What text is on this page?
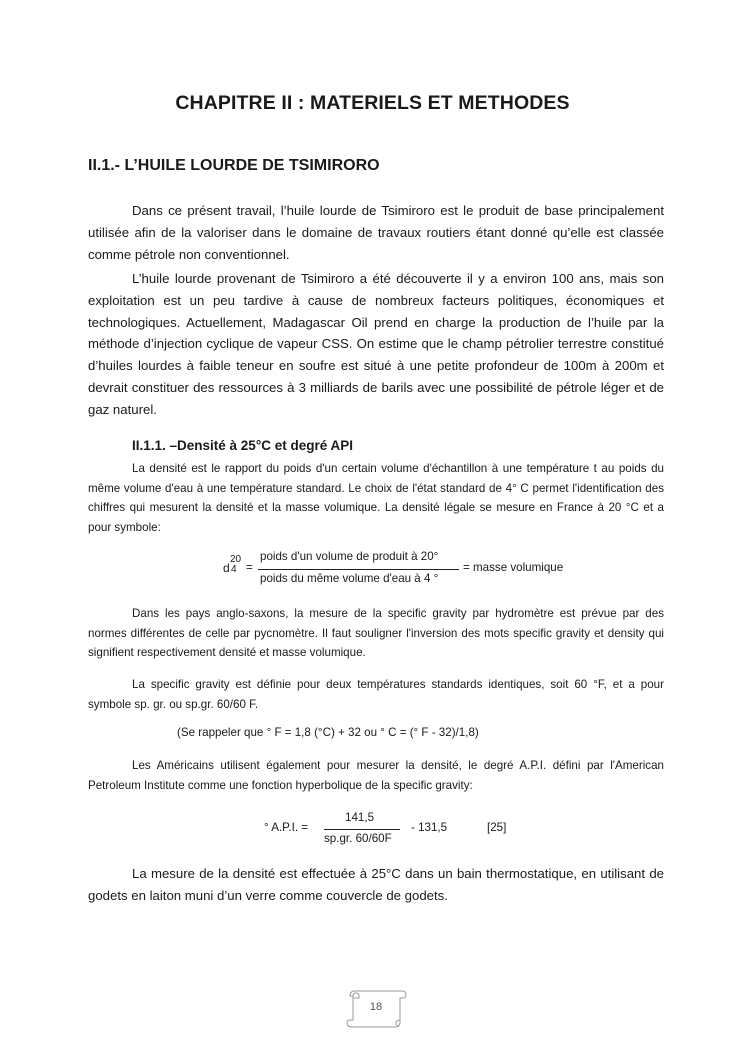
CHAPITRE II : MATERIELS ET METHODES
II.1.- L’HUILE LOURDE DE TSIMIRORO

Dans ce présent travail, l’huile lourde de Tsimiroro est le produit de base principalement utilisée afin de la valoriser dans le domaine de travaux routiers étant donné qu’elle est classée comme pétrole non conventionnel.

L’huile lourde provenant de Tsimiroro a été découverte il y a environ 100 ans, mais son exploitation est un peu tardive à cause de nombreux facteurs politiques, économiques et technologiques. Actuellement, Madagascar Oil prend en charge la production de l’huile par la méthode d’injection cyclique de vapeur CSS. On estime que le champ pétrolier terrestre constitué d’huiles lourdes à faible teneur en soufre est situé à une petite profondeur de 100m à 200m et devrait constituer des ressources à 3 milliards de barils avec une possibilité de pétrole léger et de gaz naturel.

II.1.1. –Densité à 25°C et degré API

La densité est le rapport du poids d'un certain volume d'échantillon à une température t au poids du même volume d'eau à une température standard. Le choix de l'état standard de 4° C permet l'identification des chiffres qui mesurent la densité et la masse volumique. La densité légale se mesure en France à 20 °C et a pour symbole:

d
20
4 =
poids d'un volume de produit à 20°
poids du même volume d'eau à 4 °
= masse volumique

Dans les pays anglo-saxons, la mesure de la specific gravity par hydromètre est prévue par des normes différentes de celle par pycnomètre. Il faut souligner l'inversion des mots specific gravity et density qui signifient respectivement densité et masse volumique.

La specific gravity est définie pour deux températures standards identiques, soit 60 °F, et a pour symbole sp. gr. ou sp.gr. 60/60 F.

(Se rappeler que ° F = 1,8 (°C) + 32 ou ° C = (° F - 32)/1,8)

Les Américains utilisent également pour mesurer la densité, le degré A.P.I. défini par l'American Petroleum Institute comme une fonction hyperbolique de la specific gravity:

° A.P.I. =
141,5
sp.gr. 60/60F
- 131,5	[25]

La mesure de la densité est effectuée à 25°C dans un bain thermostatique, en utilisant de godets en laiton muni d’un verre comme couvercle de godets.

18
